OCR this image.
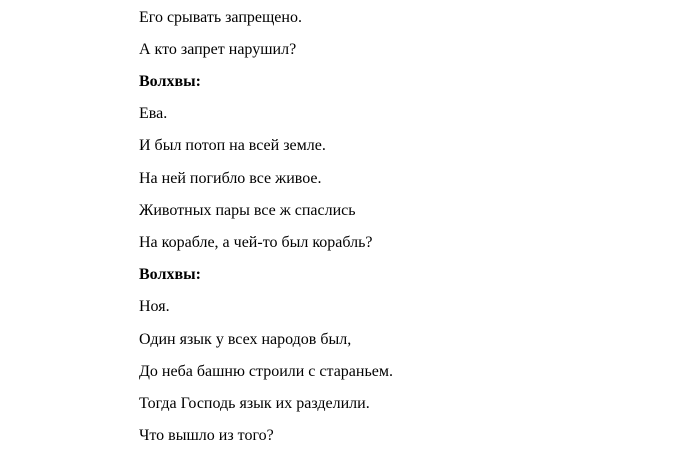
Его срывать запрещено.
А кто запрет нарушил?
Волхвы:
Ева.
И был потоп на всей земле.
На ней погибло все живое.
Животных пары все ж спаслись
На корабле, а чей-то был корабль?
Волхвы:
Ноя.
Один язык у всех народов был,
До неба башню строили с стараньем.
Тогда Господь язык их разделили.
Что вышло из того?
